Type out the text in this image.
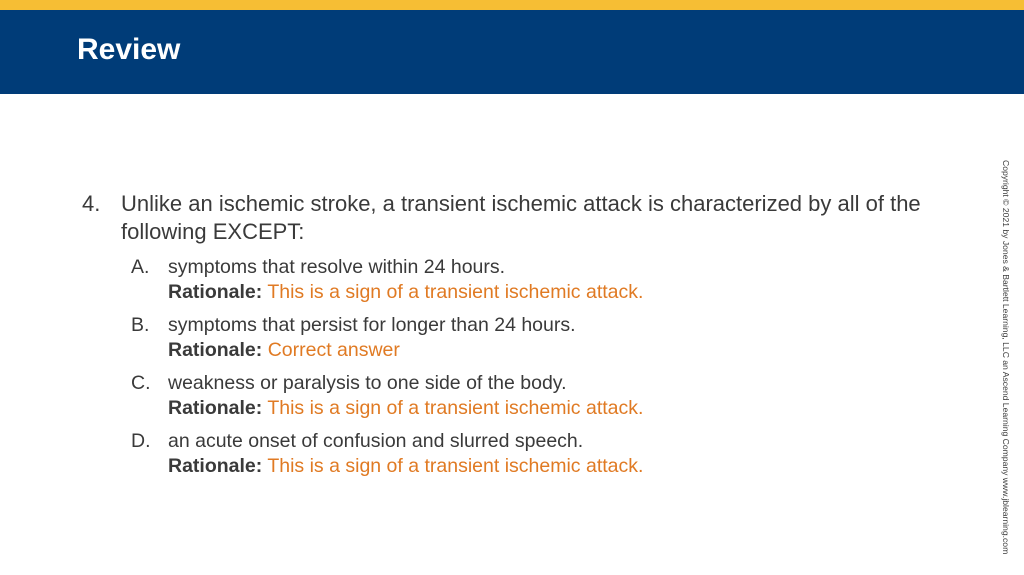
Review
4. Unlike an ischemic stroke, a transient ischemic attack is characterized by all of the following EXCEPT:
A. symptoms that resolve within 24 hours.
Rationale: This is a sign of a transient ischemic attack.
B. symptoms that persist for longer than 24 hours.
Rationale: Correct answer
C. weakness or paralysis to one side of the body.
Rationale: This is a sign of a transient ischemic attack.
D. an acute onset of confusion and slurred speech.
Rationale: This is a sign of a transient ischemic attack.	Copyright © 2021 by Jones & Bartlett Learning, LLC an Ascend Learning Company www.jblearning.com
